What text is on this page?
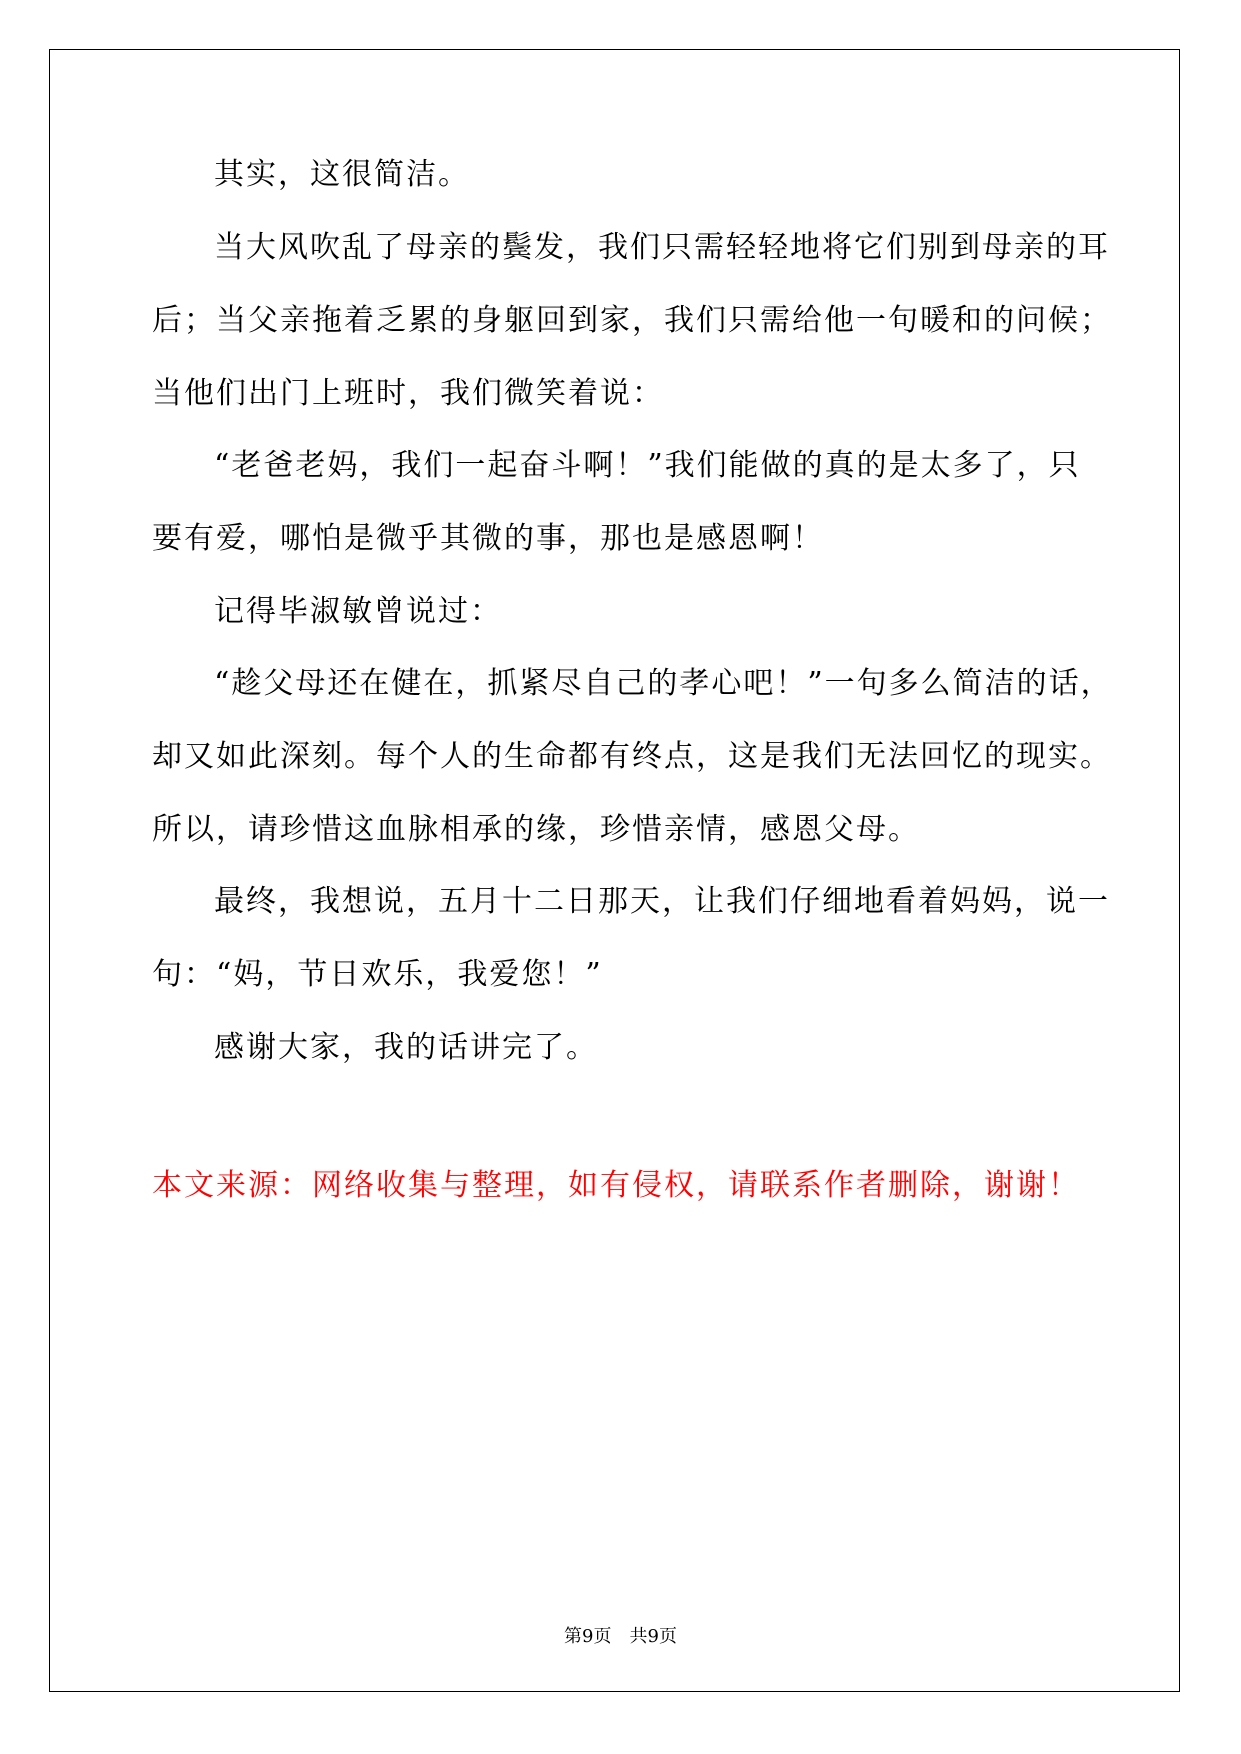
其实，这很简洁。
当大风吹乱了母亲的鬓发，我们只需轻轻地将它们别到母亲的耳
后；当父亲拖着乏累的身躯回到家，我们只需给他一句暖和的问候；
当他们出门上班时，我们微笑着说：
“老爸老妈，我们一起奋斗啊！”我们能做的真的是太多了，只
要有爱，哪怕是微乎其微的事，那也是感恩啊！
记得毕淑敏曾说过：
“趁父母还在健在，抓紧尽自己的孝心吧！”一句多么简洁的话，
却又如此深刻。每个人的生命都有终点，这是我们无法回忆的现实。
所以，请珍惜这血脉相承的缘，珍惜亲情，感恩父母。
最终，我想说，五月十二日那天，让我们仔细地看着妈妈，说一
句：“妈，节日欢乐，我爱您！”
感谢大家，我的话讲完了。
本文来源：网络收集与整理，如有侵权，请联系作者删除，谢谢！
第9页 共9页
